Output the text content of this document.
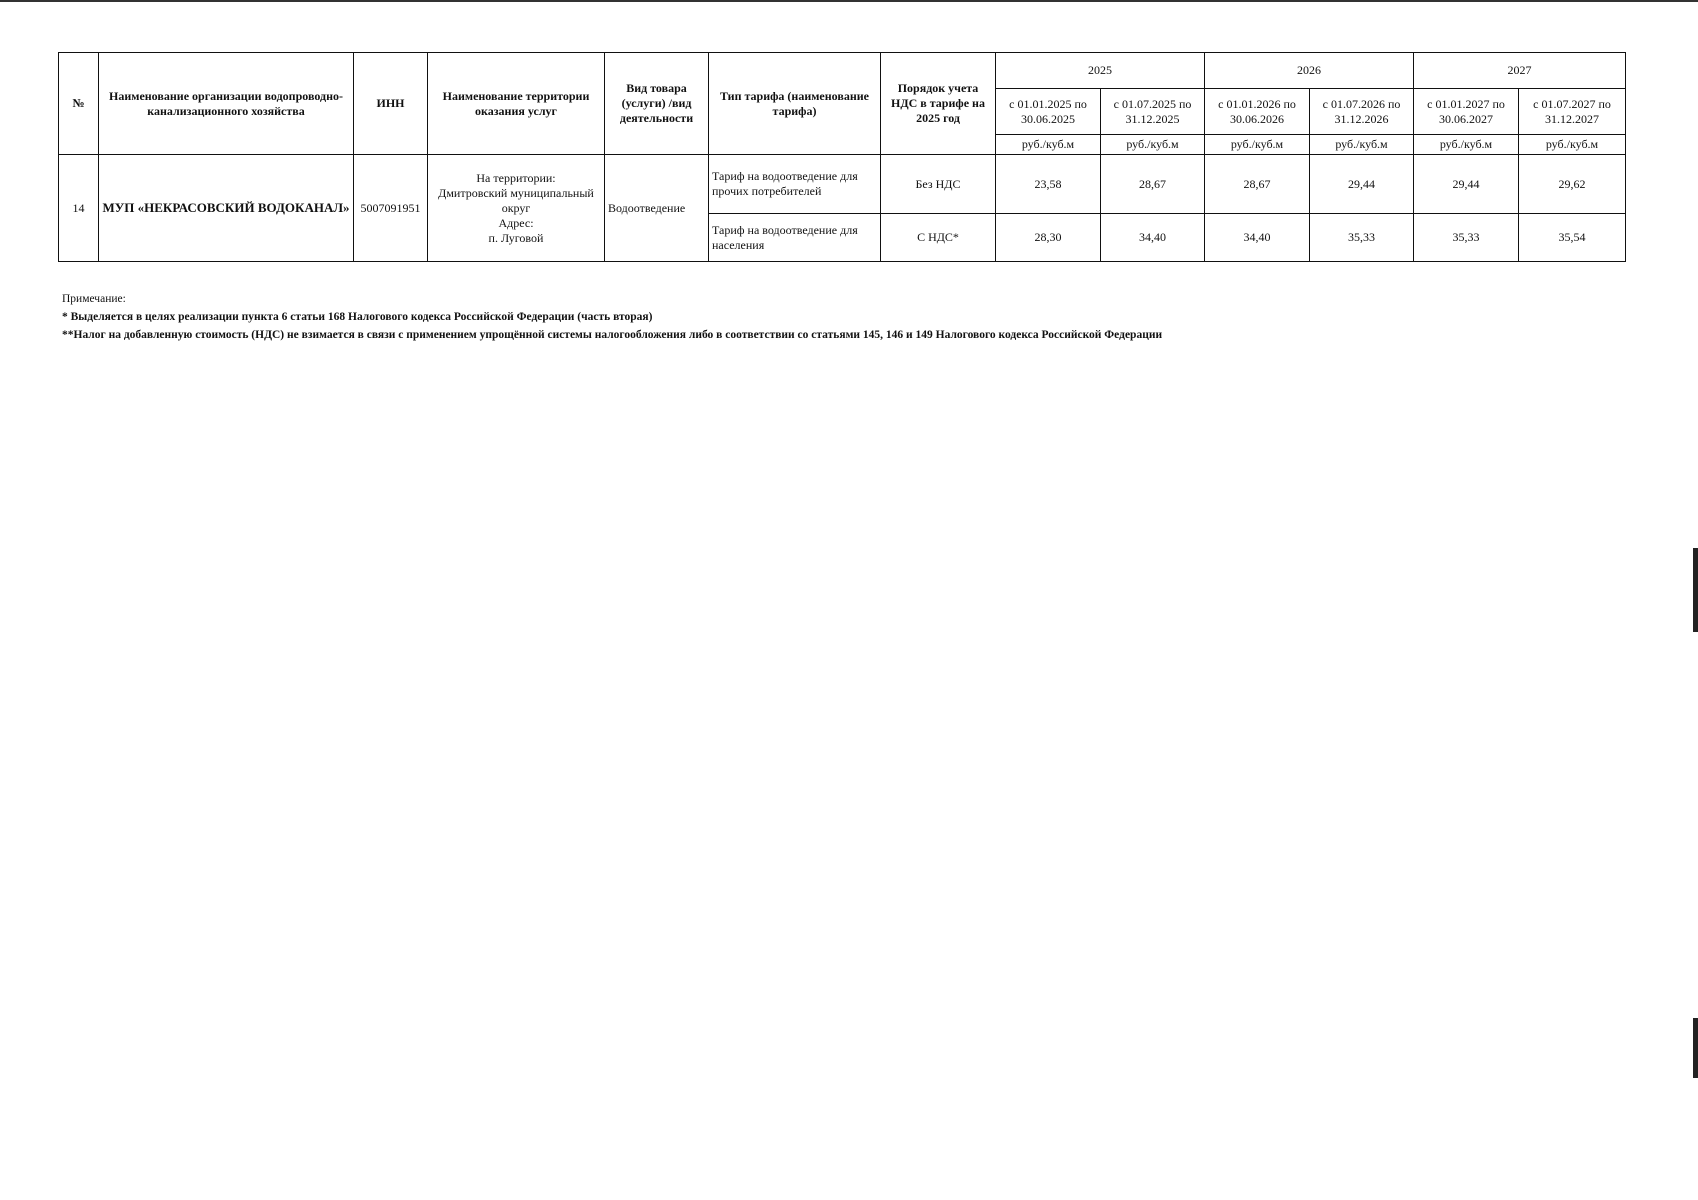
№	Наименование организации водопроводно-канализационного хозяйства	ИНН	Наименование территории оказания услуг	Вид товара (услуги) /вид деятельности	Тип тарифа (наименование тарифа)	Порядок учета НДС в тарифе на 2025 год	2025		2026		2027	
							с 01.01.2025 по 30.06.2025	с 01.07.2025 по 31.12.2025	с 01.01.2026 по 30.06.2026	с 01.07.2026 по 31.12.2026	с 01.01.2027 по 30.06.2027	с 01.07.2027 по 31.12.2027
							руб./куб.м	руб./куб.м	руб./куб.м	руб./куб.м	руб./куб.м	руб./куб.м
14	МУП «НЕКРАСОВСКИЙ ВОДОКАНАЛ»	5007091951	На территории:
Дмитровский муниципальный округ
Адрес:
п. Луговой	Водоотведение	Тариф на водоотведение для прочих потребителей	Без НДС	23,58	28,67	28,67	29,44	29,44	29,62
					Тариф на водоотведение для населения	С НДС*	28,30	34,40	34,40	35,33	35,33	35,54
Примечание:
* Выделяется в целях реализации пункта 6 статьи 168 Налогового кодекса Российской Федерации (часть вторая)
**Налог на добавленную стоимость (НДС) не взимается в связи с применением упрощённой системы налогообложения либо в соответствии со статьями 145, 146 и 149 Налогового кодекса Российской Федерации
